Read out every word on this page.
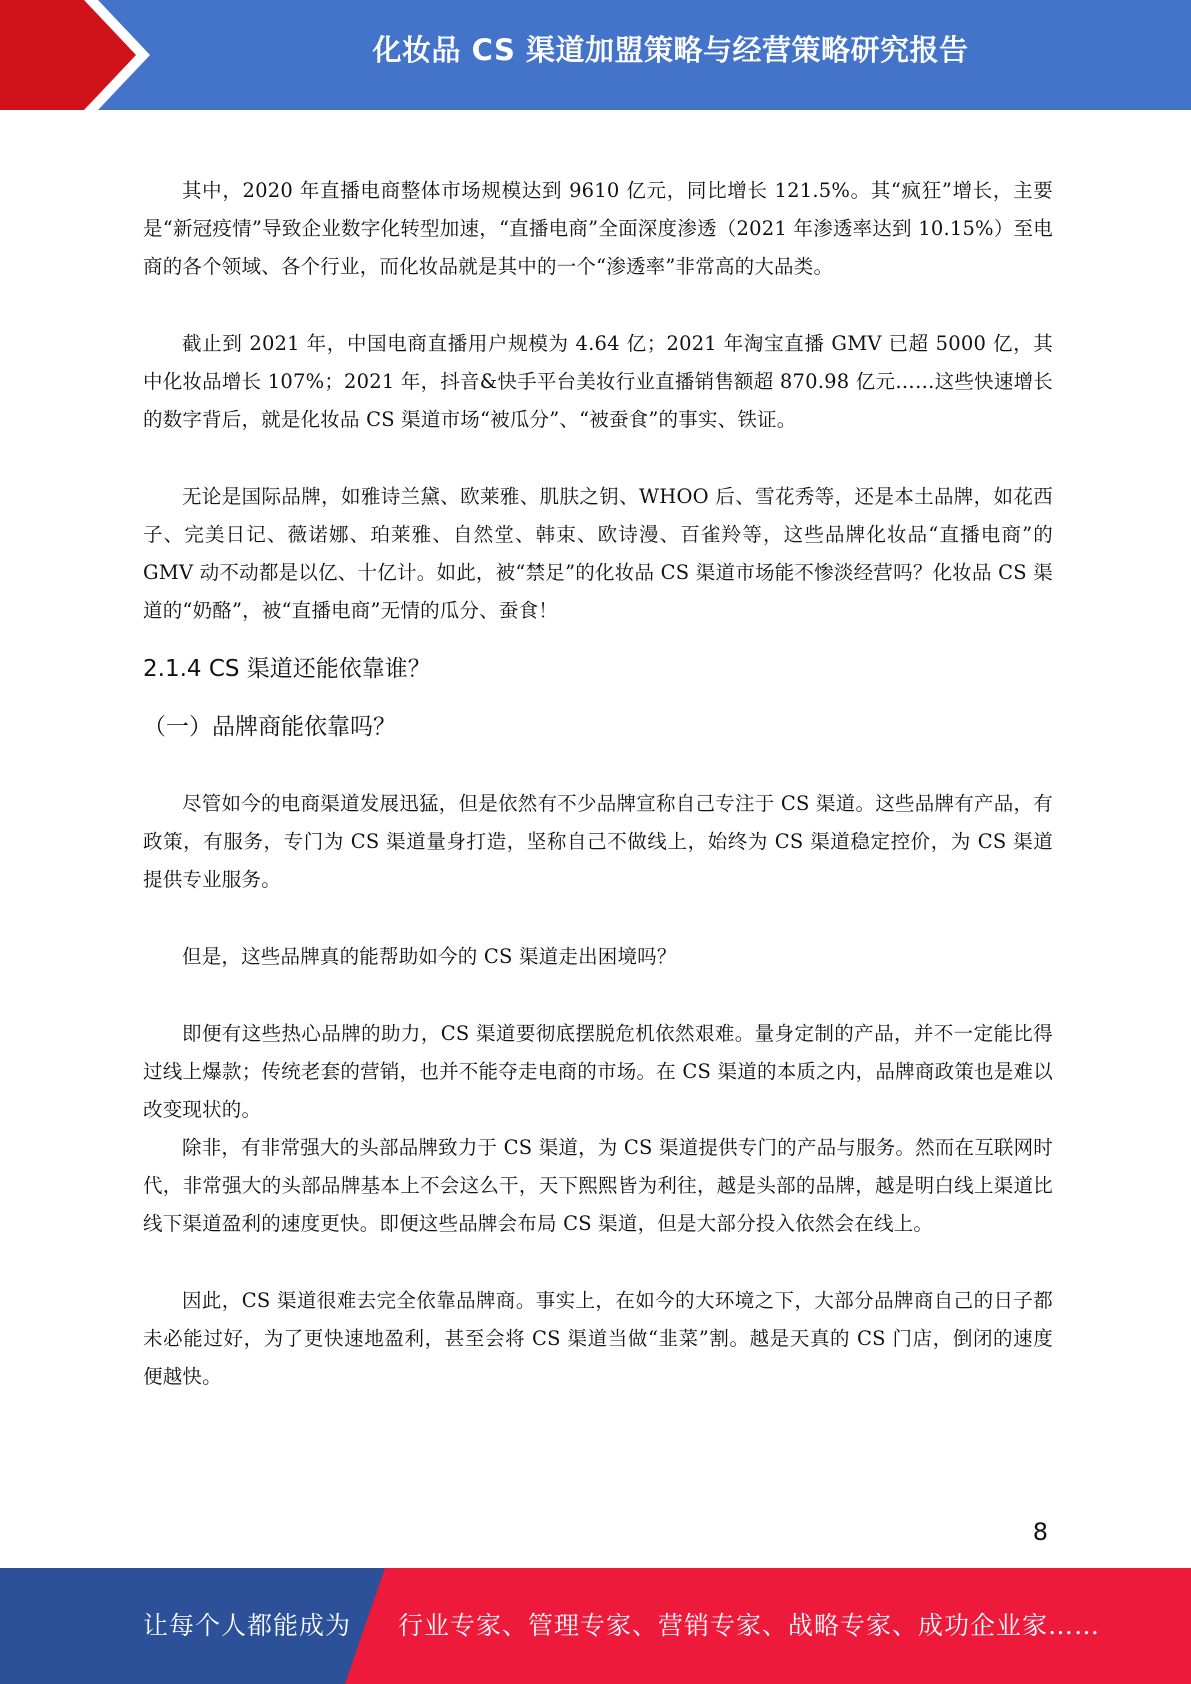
化妆品 CS 渠道加盟策略与经营策略研究报告

其中，2020 年直播电商整体市场规模达到 9610 亿元，同比增长 121.5%。其“疯狂”增长，主要是“新冠疫情”导致企业数字化转型加速，“直播电商”全面深度渗透（2021 年渗透率达到 10.15%）至电商的各个领域、各个行业，而化妆品就是其中的一个“渗透率”非常高的大品类。

截止到 2021 年，中国电商直播用户规模为 4.64 亿；2021 年淘宝直播 GMV 已超 5000 亿，其中化妆品增长 107%；2021 年，抖音&快手平台美妆行业直播销售额超 870.98 亿元……这些快速增长的数字背后，就是化妆品 CS 渠道市场“被瓜分”、“被蚕食”的事实、铁证。

无论是国际品牌，如雅诗兰黛、欧莱雅、肌肤之钥、WHOO 后、雪花秀等，还是本土品牌，如花西子、完美日记、薇诺娜、珀莱雅、自然堂、韩束、欧诗漫、百雀羚等，这些品牌化妆品“直播电商”的 GMV 动不动都是以亿、十亿计。如此，被“禁足”的化妆品 CS 渠道市场能不惨淡经营吗？化妆品 CS 渠道的“奶酪”，被“直播电商”无情的瓜分、蚕食！

2.1.4 CS 渠道还能依靠谁？
（一）品牌商能依靠吗？

尽管如今的电商渠道发展迅猛，但是依然有不少品牌宣称自己专注于 CS 渠道。这些品牌有产品，有政策，有服务，专门为 CS 渠道量身打造，坚称自己不做线上，始终为 CS 渠道稳定控价，为 CS 渠道提供专业服务。

但是，这些品牌真的能帮助如今的 CS 渠道走出困境吗？

即便有这些热心品牌的助力，CS 渠道要彻底摆脱危机依然艰难。量身定制的产品，并不一定能比得过线上爆款；传统老套的营销，也并不能夺走电商的市场。在 CS 渠道的本质之内，品牌商政策也是难以改变现状的。

除非，有非常强大的头部品牌致力于 CS 渠道，为 CS 渠道提供专门的产品与服务。然而在互联网时代，非常强大的头部品牌基本上不会这么干，天下熙熙皆为利往，越是头部的品牌，越是明白线上渠道比线下渠道盈利的速度更快。即便这些品牌会布局 CS 渠道，但是大部分投入依然会在线上。

因此，CS 渠道很难去完全依靠品牌商。事实上，在如今的大环境之下，大部分品牌商自己的日子都未必能过好，为了更快速地盈利，甚至会将 CS 渠道当做“韭菜”割。越是天真的 CS 门店，倒闭的速度便越快。

8
让每个人都能成为 行业专家、管理专家、营销专家、战略专家、成功企业家……
